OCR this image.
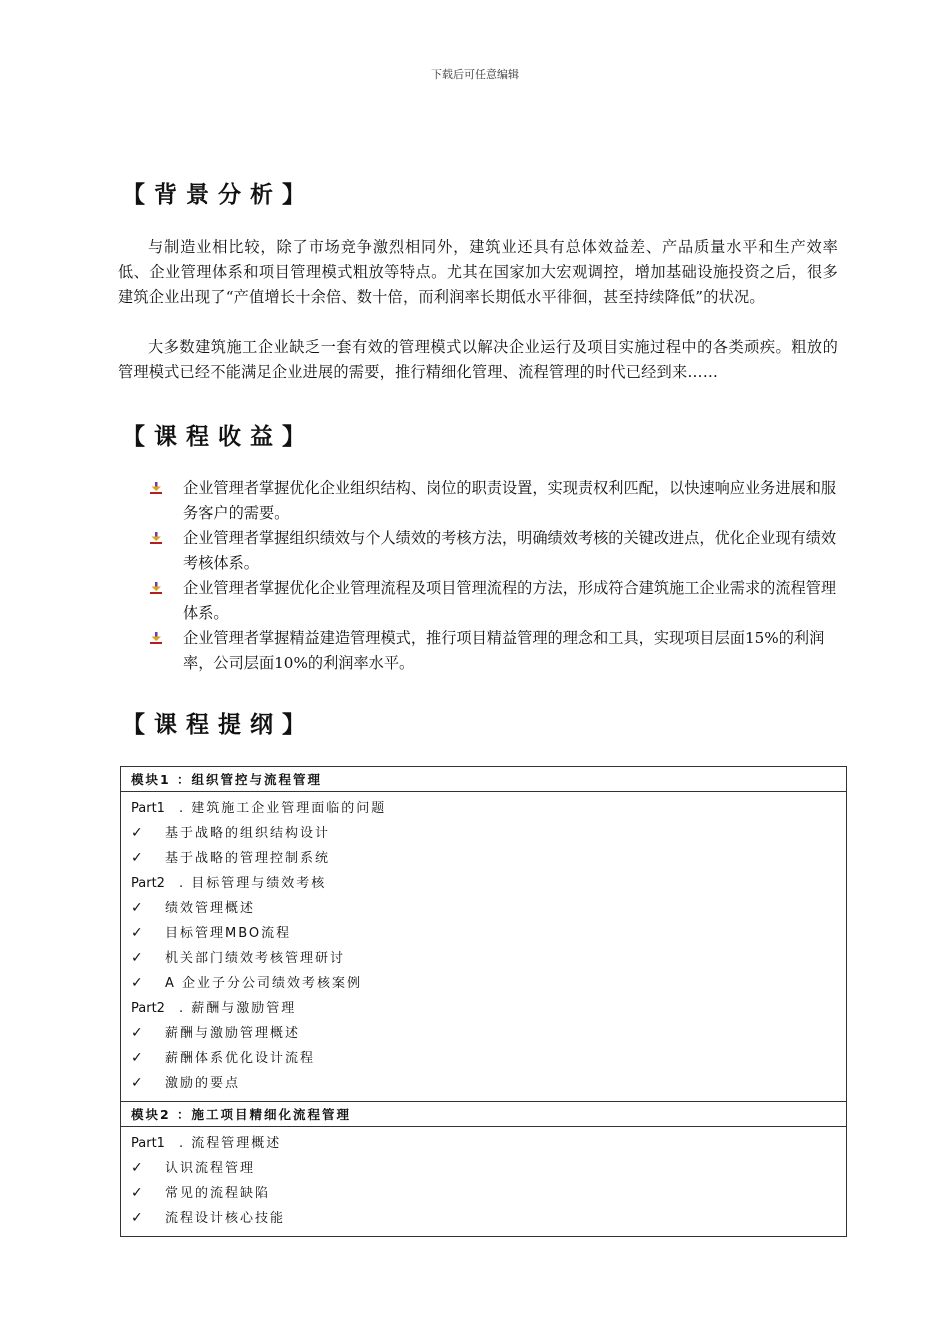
下载后可任意编辑
【背景分析】

与制造业相比较，除了市场竞争激烈相同外，建筑业还具有总体效益差、产品质量水平和生产效率低、企业管理体系和项目管理模式粗放等特点。尤其在国家加大宏观调控，增加基础设施投资之后，很多建筑企业出现了“产值增长十余倍、数十倍，而利润率长期低水平徘徊，甚至持续降低”的状况。

大多数建筑施工企业缺乏一套有效的管理模式以解决企业运行及项目实施过程中的各类顽疾。粗放的管理模式已经不能满足企业进展的需要，推行精细化管理、流程管理的时代已经到来……

【课程收益】
企业管理者掌握优化企业组织结构、岗位的职责设置，实现责权利匹配，以快速响应业务进展和服务客户的需要。
企业管理者掌握组织绩效与个人绩效的考核方法，明确绩效考核的关键改进点，优化企业现有绩效考核体系。
企业管理者掌握优化企业管理流程及项目管理流程的方法，形成符合建筑施工企业需求的流程管理体系。
企业管理者掌握精益建造管理模式，推行项目精益管理的理念和工具，实现项目层面15%的利润率，公司层面10%的利润率水平。
【课程提纲】
模块1 ：组织管控与流程管理

Part1 . 建筑施工企业管理面临的问题
✓ 基于战略的组织结构设计
✓ 基于战略的管理控制系统
Part2 . 目标管理与绩效考核
✓ 绩效管理概述
✓ 目标管理MBO流程
✓ 机关部门绩效考核管理研讨
✓ A 企业子分公司绩效考核案例
Part2 . 薪酬与激励管理
✓ 薪酬与激励管理概述
✓ 薪酬体系优化设计流程
✓ 激励的要点

模块2 ：施工项目精细化流程管理

Part1 . 流程管理概述
✓ 认识流程管理
✓ 常见的流程缺陷
✓ 流程设计核心技能
